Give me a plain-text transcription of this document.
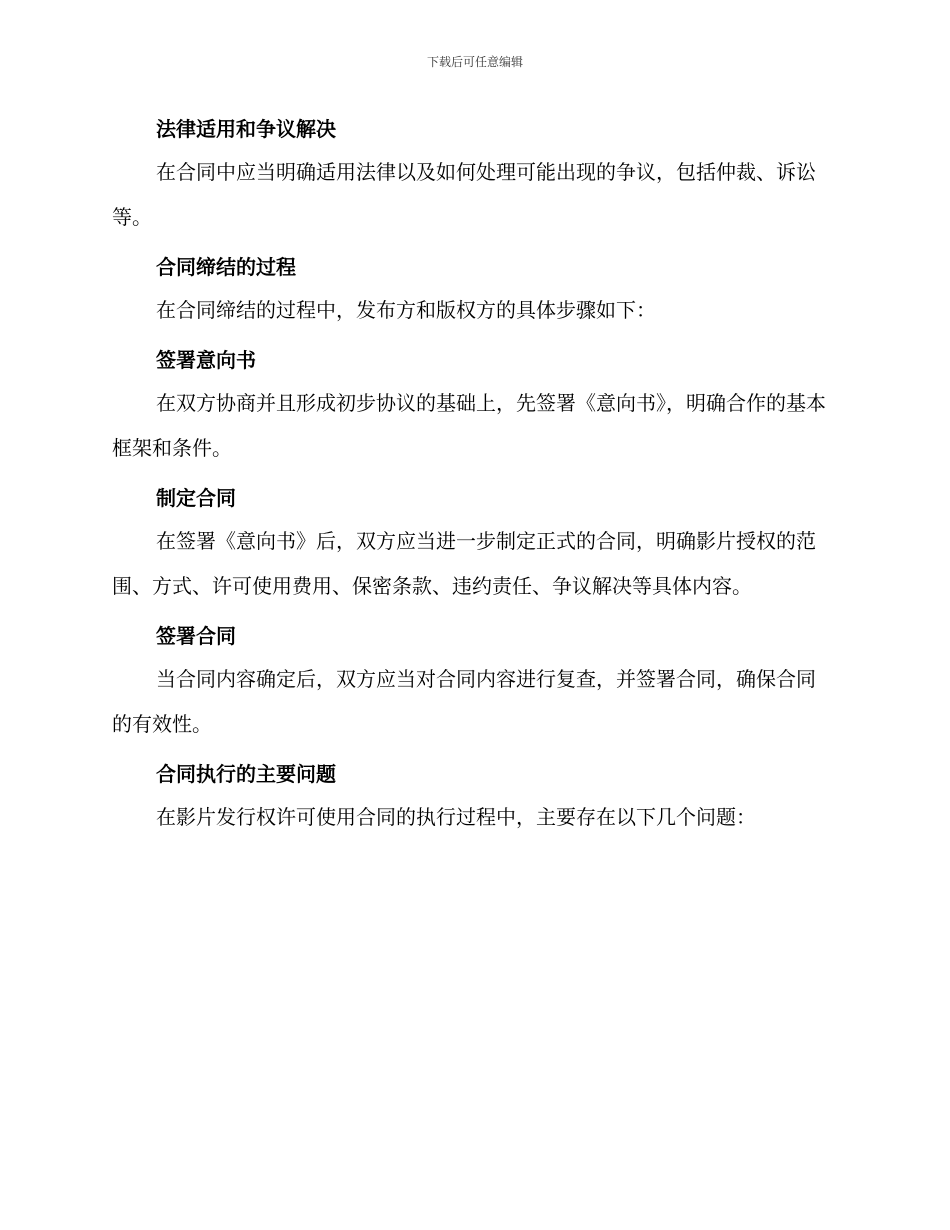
下载后可任意编辑
法律适用和争议解决

在合同中应当明确适用法律以及如何处理可能出现的争议，包括仲裁、诉讼等。

合同缔结的过程

在合同缔结的过程中，发布方和版权方的具体步骤如下：

签署意向书

在双方协商并且形成初步协议的基础上，先签署《意向书》，明确合作的基本框架和条件。

制定合同

在签署《意向书》后，双方应当进一步制定正式的合同，明确影片授权的范围、方式、许可使用费用、保密条款、违约责任、争议解决等具体内容。

签署合同

当合同内容确定后，双方应当对合同内容进行复查，并签署合同，确保合同的有效性。

合同执行的主要问题

在影片发行权许可使用合同的执行过程中，主要存在以下几个问题：
